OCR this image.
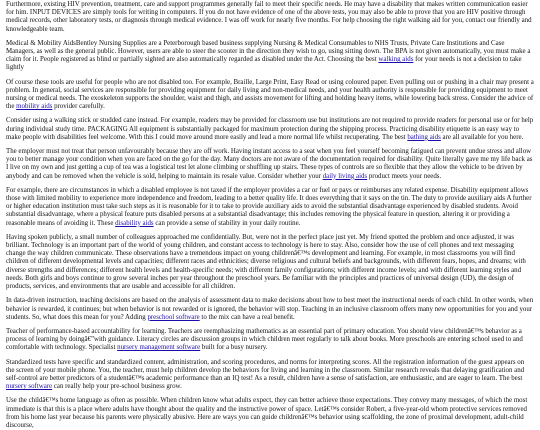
Furthermore, existing HIV prevention, treatment, care and support programmes generally fail to meet their specific needs. He may have a disability that makes written communication easier for him. INPUT DEVICES are simply tools for writing in computers. If you do not have evidence of one of the above tests, you may also be able to prove that you are HIV positive through medical records, other laboratory tests, or diagnosis through medical evidence. I was off work for nearly five months. For help choosing the right walking aid for you, contact our friendly and knowledgeable team.

Medical & Mobility AidsBentley Nursing Supplies are a Peterborough based business supplying Nursing & Medical Consumables to NHS Trusts, Private Care Institutions and Case Managers, as well as the general public. However, users are able to steer the scooter in the direction they wish to go, using sitting down. The BPA is not given automatically, you must make a claim for it. People registered as blind or partially sighted are also automatically regarded as disabled under the Act. Choosing the best walking aids for your needs is not a decision to take lightly

Of course these tools are useful for people who are not disabled too. For example, Braille, Large Print, Easy Read or using coloured paper. Even pulling out or pushing in a chair may present a problem. In general, social services are responsible for providing equipment for daily living and non-medical needs, and your health authority is responsible for providing equipment to meet nursing or medical needs. The exoskeleton supports the shoulder, waist and thigh, and assists movement for lifting and holding heavy items, while lowering back stress. Consider the advice of the mobility aids provider carefully.

Consider using a walking stick or studded cane instead. For example, readers may be provided for classroom use but institutions are not required to provide readers for personal use or for help during individual study time. PACKAGING All equipment is substantially packaged for maximum protection during the shipping process. Practicing disability etiquette is an easy way to make people with disabilities feel welcome. With this I could move around more easily and lead a more normal life whilst recuperating. The best bathing aids are all available for you here.

The employer must not treat that person unfavourably because they are off work. Having instant access to a seat when you feel yourself becoming fatigued can prevent undue stress and allow you to better manage your condition when you are faced on the go for the day. Many doctors are not aware of the documentation required for disability. Quite literally gave me my life back as I live on my own and just getting a cup of tea was a logistical test let alone climbing or shuffling up stairs. These types of controls are so flexible that they allow the vehicle to be driven by anybody and can be removed when the vehicle is sold, helping to maintain its resale value. Consider whether your daily living aids product meets your needs.

For example, there are circumstances in which a disabled employee is not taxed if the employer provides a car or fuel or pays or reimburses any related expense. Disability equipment allows those with limited mobility to experience more independence and freedom, leading to a better quality life. It does everything that it says on the tin. The duty to provide auxiliary aids A further or higher education institution must take such steps as it is reasonable for it to take to provide auxiliary aids to avoid the substantial disadvantage experienced by disabled students. Avoid substantial disadvantage, where a physical feature puts disabled persons at a substantial disadvantage; this includes removing the physical feature in question, altering it or providing a reasonable means of avoiding it. These disability aids can provide a sense of stability in your daily routine.

Having spoken publicly, a small number of colleagues approached me confidentially. But, were not in the perfect place just yet. My friend spotted the problem and once adjusted, it was brilliant. Technology is an important part of the world of young children, and constant access to technology is here to stay. Also, consider how the use of cell phones and text messaging change the way children communicate. These observations have a tremendous impact on young childrenâ€™s development and learning. For example, in most classrooms you will find children of different developmental levels and capacities; different races and ethnicities; diverse religious and cultural beliefs and backgrounds, with different fears, hopes, and dreams; with diverse strengths and differences; different health levels and health-specific needs; with different family configurations; with different income levels; and with different learning styles and needs. Both girls and boys continue to grow several inches per year throughout the preschool years. Be familiar with the principles and practices of universal design (UD), the design of products, services, and environments that are usable and accessible for all children.

In data-driven instruction, teaching decisions are based on the analysis of assessment data to make decisions about how to best meet the instructional needs of each child. In other words, when behavior is rewarded, it continues; but when behavior is not rewarded or is ignored, the behavior will stop. Teaching in an inclusive classroom offers many new opportunities for you and your students. So, what does this mean for you? Adding preschool software to the mix can have a real benefit.

Teacher of performance-based accountability for learning. Teachers are reemphasizing mathematics as an essential part of primary education. You should view childrenâ€™s behavior as a process of learning by doingâ€”with guidance. Literacy circles are discussion groups in which children meet regularly to talk about books. More preschools are entering school used to and comfortable with technology. Specialist nursery management software built for a busy nursery.

Standardized tests have specific and standardized content, administration, and scoring procedures, and norms for interpreting scores. All the registration information of the guest appears on the screen of your mobile phone. You, the teacher, must help children develop the behaviors for living and learning in the classroom. Similar research reveals that delaying gratification and self-control are better predictors of a studentâ€™s academic performance than an IQ test! As a result, children have a sense of satisfaction, are enthusiastic, and are eager to learn. The best nursery software can really help your pre-school business grow.

Use the childâ€™s home language as often as possible. When children know what adults expect, they can better achieve those expectations. They convey many messages, of which the most immediate is that this is a place where adults have thought about the quality and the instructive power of space. Letâ€™s consider Robert, a five-year-old whom protective services removed from his home last year because his parents were physically abusive. Here are ways you can guide childrenâ€™s behavior using scaffolding, the zone of proximal development, adult-child discourse,
